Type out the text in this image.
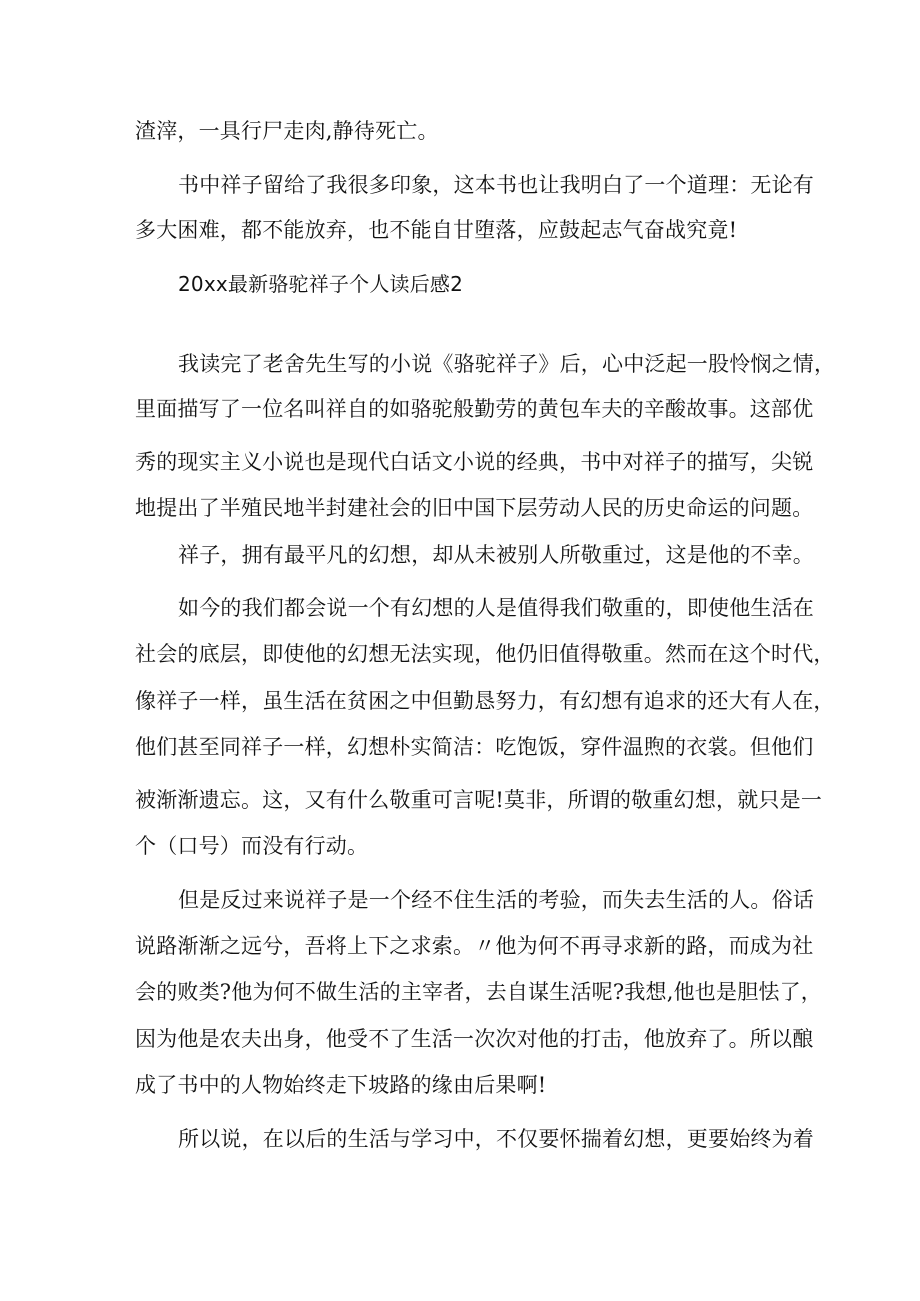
渣滓，一具行尸走肉,静待死亡。
书中祥子留给了我很多印象，这本书也让我明白了一个道理：无论有
多大困难，都不能放弃，也不能自甘堕落，应鼓起志气奋战究竟!
20xx最新骆驼祥子个人读后感2
我读完了老舍先生写的小说《骆驼祥子》后，心中泛起一股怜悯之情，
里面描写了一位名叫祥自的如骆驼般勤劳的黄包车夫的辛酸故事。这部优
秀的现实主义小说也是现代白话文小说的经典，书中对祥子的描写，尖锐
地提出了半殖民地半封建社会的旧中国下层劳动人民的历史命运的问题。
祥子，拥有最平凡的幻想，却从未被别人所敬重过，这是他的不幸。
如今的我们都会说一个有幻想的人是值得我们敬重的，即使他生活在
社会的底层，即使他的幻想无法实现，他仍旧值得敬重。然而在这个时代，
像祥子一样，虽生活在贫困之中但勤恳努力，有幻想有追求的还大有人在，
他们甚至同祥子一样，幻想朴实简洁：吃饱饭，穿件温煦的衣裳。但他们
被渐渐遗忘。这，又有什么敬重可言呢!莫非，所谓的敬重幻想，就只是一
个（口号）而没有行动。
但是反过来说祥子是一个经不住生活的考验，而失去生活的人。俗话
说路渐渐之远兮，吾将上下之求索。〃他为何不再寻求新的路，而成为社
会的败类?他为何不做生活的主宰者，去自谋生活呢?我想,他也是胆怯了，
因为他是农夫出身，他受不了生活一次次对他的打击，他放弃了。所以酿
成了书中的人物始终走下坡路的缘由后果啊!
所以说，在以后的生活与学习中，不仅要怀揣着幻想，更要始终为着
